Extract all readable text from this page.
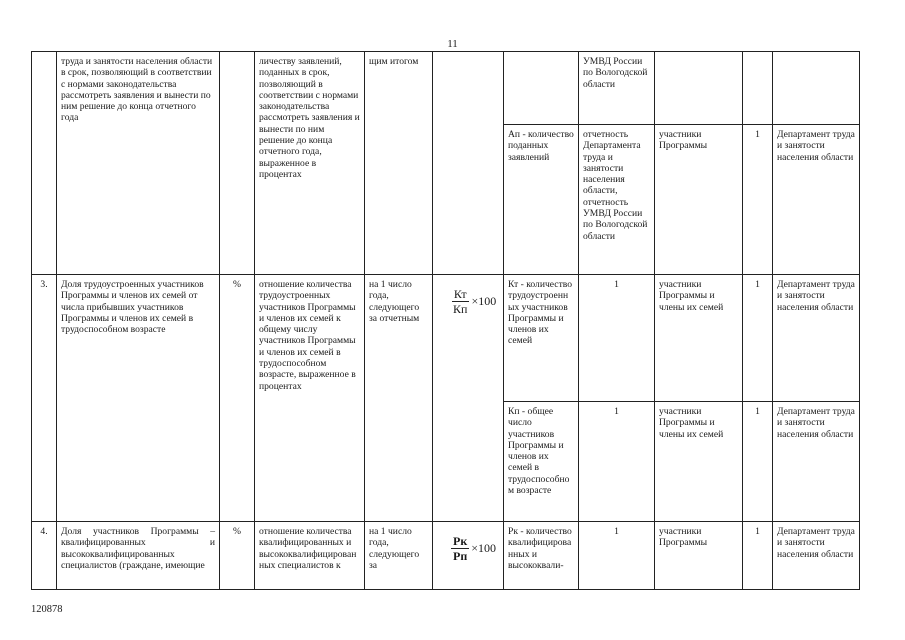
11
	труда и занятости населения области в срок, позволяющий в соответствии с нормами законодательства рассмотреть заявления и вынести по ним решение до конца отчетного года		личеству заявлений, поданных в срок, позволяющий в соответствии с нормами законодательства рассмотреть заявления и вынести по ним решение до конца отчетного года, выраженное в процентах	щим итогом			УМВД России по Вологодской области			
						Ап - количество поданных заявлений	отчетность Департамента труда и занятости населения области, отчетность УМВД России по Вологодской области	участники Программы	1	Департамент труда и занятости населения области
3.	Доля трудоустроенных участников Программы и членов их семей от числа прибывших участников Программы и членов их семей в трудоспособном возрасте	%	отношение количества трудоустроенных участников Программы и членов их семей к общему числу участников Программы и членов их семей в трудоспособном возрасте, выраженное в процентах	на 1 число года, следующего за отчетным	$\frac{Кт}{Кп} \times 100$	Кт - количество трудоустроенных участников Программы и членов их семей	1	участники Программы и члены их семей	1	Департамент труда и занятости населения области
						Кп - общее число участников Программы и членов их семей в трудоспособном возрасте	1	участники Программы и члены их семей	1	Департамент труда и занятости населения области
4.	Доля участников Программы – квалифицированных и высококвалифицированных специалистов (граждане, имеющие	%	отношение количества квалифицированных и высококвалифицированных специалистов к	на 1 число года, следующего за	$\frac{Рк}{Рп} \times 100$	Рк - количество квалифицированных и высококвали-	1	участники Программы	1	Департамент труда и занятости населения области
120878
